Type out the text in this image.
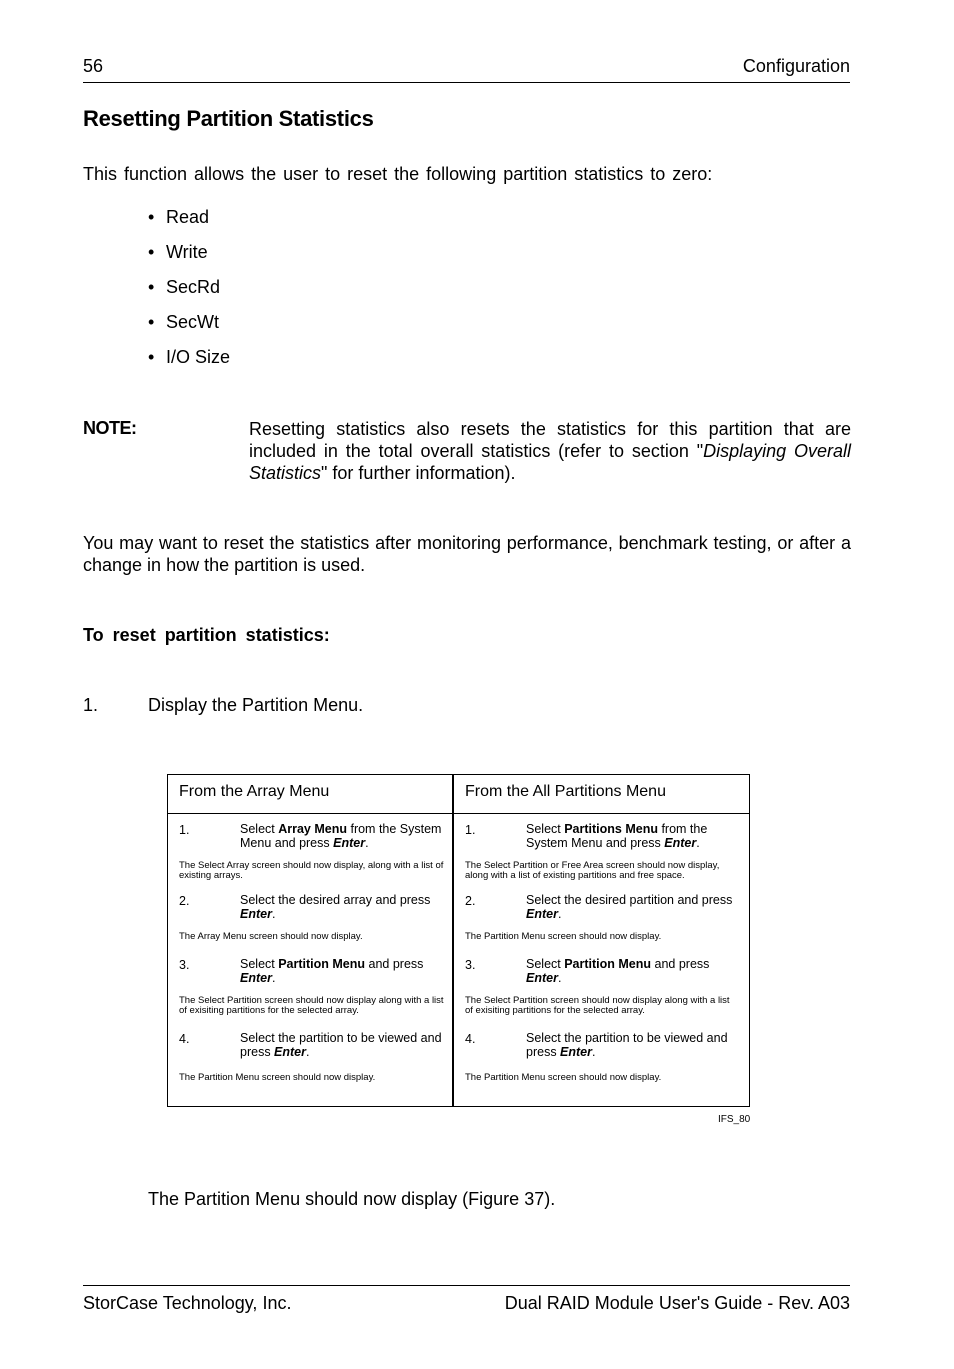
56	Configuration
Resetting Partition Statistics
This function allows the user to reset the following partition statistics to zero:
• Read
• Write
• SecRd
• SecWt
• I/O Size
NOTE:	Resetting statistics also resets the statistics for this partition that are included in the total overall statistics (refer to section "Displaying Overall Statistics" for further information).
You may want to reset the statistics after monitoring performance, benchmark testing, or after a change in how the partition is used.
To reset partition statistics:
1.	Display the Partition Menu.
From the Array Menu
1.	Select Array Menu from the System Menu and press Enter.
The Select Array screen should now display, along with a list of existing arrays.
2.	Select the desired array and press Enter.
The Array Menu screen should now display.
3.	Select Partition Menu and press Enter.
The Select Partition screen should now display along with a list of exisiting partitions for the selected array.
4.	Select the partition to be viewed and press Enter.
The Partition Menu screen should now display.
From the All Partitions Menu
1.	Select Partitions Menu from the System Menu and press Enter.
The Select Partition or Free Area screen should now display, along with a list of existing partitions and free space.
2.	Select the desired partition and press Enter.
The Partition Menu screen should now display.
3.	Select Partition Menu and press Enter.
The Select Partition screen should now display along with a list of exisiting partitions for the selected array.
4.	Select the partition to be viewed and press Enter.
The Partition Menu screen should now display.
IFS_80
The Partition Menu should now display (Figure 37).
StorCase Technology, Inc.	Dual RAID Module User's Guide - Rev. A03
